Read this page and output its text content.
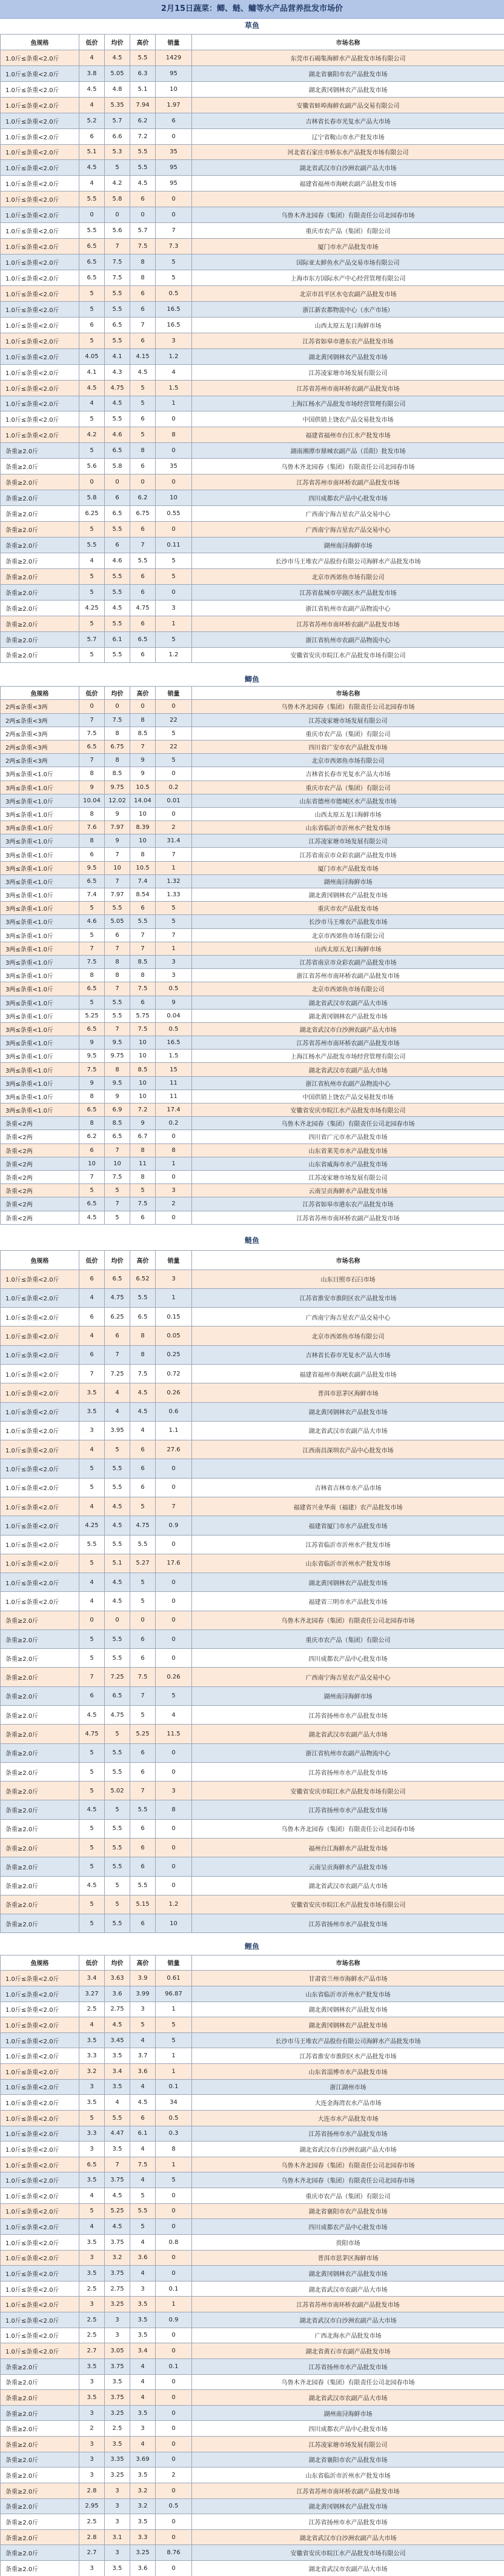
2月15日蔬菜：鲫、鲢、鳙等水产品营养批发市场价
草鱼
鱼规格	低价	均价	高价	销量	市场名称
1.0斤≤条重<2.0斤	4	4.5	5.5	1429	东莞市石碣集海鲜水产品批发市场有限公司
1.0斤≤条重<2.0斤	3.8	5.05	6.3	95	湖北省襄阳市农产品批发市场
1.0斤≤条重<2.0斤	4.5	4.8	5.1	10	湖北黄冈钢林农产品批发市场
1.0斤≤条重<2.0斤	4	5.35	7.94	1.97	安徽省蚌埠海鲜农副产品交易有限公司
1.0斤≤条重<2.0斤	5.2	5.7	6.2	6	吉林省长春市光复水产品大市场
1.0斤≤条重<2.0斤	6	6.6	7.2	0	辽宁省鞍山市水产批发市场
1.0斤≤条重<2.0斤	5.1	5.3	5.5	35	河北省石家庄市桥东水产品批发市场有限公司
1.0斤≤条重<2.0斤	4.5	5	5.5	95	湖北省武汉市白沙洲农副产品大市场
1.0斤≤条重<2.0斤	4	4.2	4.5	95	福建省福州市海峡农副产品批发市场
1.0斤≤条重<2.0斤	5.5	5.8	6	0	
1.0斤≤条重<2.0斤	0	0	0	0	乌鲁木齐北园春（集团）有限责任公司北园春市场
1.0斤≤条重<2.0斤	5.5	5.6	5.7	7	重庆市农产品（集团）有限公司
1.0斤≤条重<2.0斤	6.5	7	7.5	7.3	厦门市水产品批发市场
1.0斤≤条重<2.0斤	6.5	7.5	8	5	国际亚太鲜鱼水产品交易市场有限公司
1.0斤≤条重<2.0斤	6.5	7.5	8	5	上海市东方国际水产中心经营管理有限公司
1.0斤≤条重<2.0斤	5	5.5	6	0.5	北京市昌平区水屯农副产品批发市场
1.0斤≤条重<2.0斤	5	5.5	6	16.5	浙江新农都物流中心（水产市场）
1.0斤≤条重<2.0斤	6	6.5	7	16.5	山西太原五龙口海鲜市场
1.0斤≤条重<2.0斤	5	5.5	6	3	江苏省如皋市港东农产品批发市场
1.0斤≤条重<2.0斤	4.05	4.1	4.15	1.2	湖北黄冈钢林农产品批发市场
1.0斤≤条重<2.0斤	4.1	4.3	4.5	4	江苏凌家塘市场发展有限公司
1.0斤≤条重<2.0斤	4.5	4.75	5	1.5	江苏省苏州市南环桥农副产品批发市场
1.0斤≤条重<2.0斤	4	4.5	5	1	上海江杨水产品批发市场经营管理有限公司
1.0斤≤条重<2.0斤	5	5.5	6	0	中国供销上饶农产品交易批发市场
1.0斤≤条重<2.0斤	4.2	4.6	5	8	福建省福州市台江水产批发市场
条重≥2.0斤	5	6.5	8	0	湖南湘潭市鼎城农副产品（岳阳）批发市场
条重≥2.0斤	5.6	5.8	6	35	乌鲁木齐北园春（集团）有限责任公司北园春市场
条重≥2.0斤	0	0	0	0	江苏省苏州市南环桥农副产品批发市场
条重≥2.0斤	5.8	6	6.2	10	四川成都农产品中心批发市场
条重≥2.0斤	6.25	6.5	6.75	0.55	广西南宁海吉星农产品交易中心
条重≥2.0斤	5	5.5	6	0	广西南宁海吉星农产品交易中心
条重≥2.0斤	5.5	6	7	0.11	湖州南浔海鲜市场
条重≥2.0斤	4	4.6	5.5	5	长沙市马王堆农产品股份有限公司海鲜水产品批发市场
条重≥2.0斤	5	5.5	6	5	北京市西郊鱼市场有限公司
条重≥2.0斤	5	5.5	6	0	江苏省盐城市亭湖区水产品批发市场
条重≥2.0斤	4.25	4.5	4.75	3	浙江省杭州市农副产品物流中心
条重≥2.0斤	5	5.5	6	1	江苏省苏州市南环桥农副产品批发市场
条重≥2.0斤	5.7	6.1	6.5	5	浙江省杭州市农副产品物流中心
条重≥2.0斤	5	5.5	6	1.2	安徽省安庆市皖江水产品批发市场有限公司
鲫鱼
鱼规格	低价	均价	高价	销量	市场名称
2两≤条重<3两	0	0	0	0	乌鲁木齐北园春（集团）有限责任公司北园春市场
2两≤条重<3两	7	7.5	8	22	江苏凌家塘市场发展有限公司
2两≤条重<3两	7.5	8	8.5	5	重庆市农产品（集团）有限公司
2两≤条重<3两	6.5	6.75	7	22	四川省广安市农产品批发市场
2两≤条重<3两	7	8	9	5	北京市西郊鱼市场有限公司
3两≤条重<1.0斤	8	8.5	9	0	吉林省长春市光复水产品大市场
3两≤条重<1.0斤	9	9.75	10.5	0.2	重庆市农产品（集团）有限公司
3两≤条重<1.0斤	10.04	12.02	14.04	0.01	山东省德州市德城区水产品批发市场
3两≤条重<1.0斤	8	9	10	0	山西太原五龙口海鲜市场
3两≤条重<1.0斤	7.6	7.97	8.39	2	山东省临沂市沂州水产批发市场
3两≤条重<1.0斤	8	9	10	31.4	江苏凌家塘市场发展有限公司
3两≤条重<1.0斤	6	7	8	7	江苏省南京市众彩农副产品批发市场
3两≤条重<1.0斤	9.5	10	10.5	1	厦门市水产品批发市场
3两≤条重<1.0斤	6.5	7	7.4	1.32	湖州南浔海鲜市场
3两≤条重<1.0斤	7.4	7.97	8.54	1.33	湖北黄冈钢林农产品批发市场
3两≤条重<1.0斤	5	5.5	6	5	重庆市农产品批发市场
3两≤条重<1.0斤	4.6	5.05	5.5	5	长沙市马王堆农产品批发市场
3两≤条重<1.0斤	5	6	7	7	北京市西郊鱼市场有限公司
3两≤条重<1.0斤	7	7	7	1	山西太原五龙口海鲜市场
3两≤条重<1.0斤	7.5	8	8.5	3	江苏省南京市众彩农副产品批发市场
3两≤条重<1.0斤	8	8	8	3	浙江省苏州市南环桥农副产品批发市场
3两≤条重<1.0斤	6.5	7	7.5	0.5	北京市西郊鱼市场有限公司
3两≤条重<1.0斤	5	5.5	6	9	湖北省武汉市农副产品大市场
3两≤条重<1.0斤	5.25	5.5	5.75	0.04	湖北黄冈钢林农产品批发市场
3两≤条重<1.0斤	6.5	7	7.5	0.5	湖北省武汉市白沙洲农副产品大市场
3两≤条重<1.0斤	9	9.5	10	16.5	江苏省苏州市南环桥农副产品批发市场
3两≤条重<1.0斤	9.5	9.75	10	1.5	上海江杨水产品批发市场经营管理有限公司
3两≤条重<1.0斤	7.5	8	8.5	15	湖北省武汉市农副产品大市场
3两≤条重<1.0斤	9	9.5	10	11	浙江省杭州市农副产品物流中心
3两≤条重<1.0斤	8	9	10	11	中国供销上饶农产品交易批发市场
3两≤条重<1.0斤	6.5	6.9	7.2	17.4	安徽省安庆市皖江水产品批发市场有限公司
条重<2两	8	8.5	9	0.2	乌鲁木齐北园春（集团）有限责任公司北园春市场
条重<2两	6.2	6.5	6.7	0	四川省广元市水产品批发市场
条重<2两	6	7	8	8	山东省莱芜市水产品批发市场
条重<2两	10	10	11	1	山东省威海市水产品批发市场
条重<2两	7	7.5	8	0	江苏凌家塘市场发展有限公司
条重<2两	5	5	5	3	云南呈贡海鲜水产品批发市场
条重<2两	6.5	7	7.5	2	江苏省如皋市港东农产品批发市场
条重<2两	4.5	5	6	0	江苏省苏州市南环桥农副产品批发市场
鲢鱼
鱼规格	低价	均价	高价	销量	市场名称
1.0斤≤条重<2.0斤	6	6.5	6.52	3	山东日照市石臼市场
1.0斤≤条重<2.0斤	4	4.75	5.5	1	江苏省淮安市淮阴区农产品批发市场
1.0斤≤条重<2.0斤	6	6.25	6.5	0.15	广西南宁海吉星农产品交易中心
1.0斤≤条重<2.0斤	4	6	8	0.05	北京市西郊鱼市场有限公司
1.0斤≤条重<2.0斤	6	7	8	0.25	吉林省长春市光复水产品大市场
1.0斤≤条重<2.0斤	7	7.25	7.5	0.72	福建省福州市海峡农副产品批发市场
1.0斤≤条重<2.0斤	3.5	4	4.5	0.26	普洱市思茅区海鲜市场
1.0斤≤条重<2.0斤	3.5	4	4.5	0.6	湖北黄冈钢林农产品批发市场
1.0斤≤条重<2.0斤	3	3.95	4	1.1	湖北省武汉市农副产品大市场
1.0斤≤条重<2.0斤	4	5	6	27.6	江西南昌深圳农产品中心批发市场
1.0斤≤条重<2.0斤	5	5.5	6	0	
1.0斤≤条重<2.0斤	5	5.5	6	0	吉林省吉林市水产品市场
1.0斤≤条重<2.0斤	4	4.5	5	7	福建省兴业华南（福建）农产品批发市场
1.0斤≤条重<2.0斤	4.25	4.5	4.75	0.9	福建省厦门市水产品批发市场
1.0斤≤条重<2.0斤	5.5	5.5	5.5	0	江苏省临沂市沂州水产批发市场
1.0斤≤条重<2.0斤	5	5.1	5.27	17.6	山东省临沂市沂州水产批发市场
1.0斤≤条重<2.0斤	4	4.5	5	0	湖北黄冈钢林农产品批发市场
1.0斤≤条重<2.0斤	4	4.5	5	0	福建省三明市水产品批发市场
条重≥2.0斤	0	0	0	0	乌鲁木齐北园春（集团）有限责任公司北园春市场
条重≥2.0斤	5	5.5	6	0	重庆市农产品（集团）有限公司
条重≥2.0斤	5	5.5	6	0	四川成都农产品中心批发市场
条重≥2.0斤	7	7.25	7.5	0.26	广西南宁海吉星农产品交易中心
条重≥2.0斤	6	6.5	7	5	湖州南浔海鲜市场
条重≥2.0斤	4.5	4.75	5	4	江苏省扬州市水产品批发市场
条重≥2.0斤	4.75	5	5.25	11.5	湖北省武汉市农副产品大市场
条重≥2.0斤	5	5.5	6	0	浙江省杭州市农副产品物流中心
条重≥2.0斤	5	5.5	6	0	江苏省扬州市水产品批发市场
条重≥2.0斤	5	5.02	7	3	安徽省安庆市皖江水产品批发市场有限公司
条重≥2.0斤	4.5	5	5.5	8	江苏省扬州市水产品批发市场
条重≥2.0斤	5	5.5	6	0	乌鲁木齐北园春（集团）有限责任公司北园春市场
条重≥2.0斤	5	5.5	6	0	福州台江海鲜水产品批发市场
条重≥2.0斤	5	5.5	6	0	云南呈贡海鲜水产品批发市场
条重≥2.0斤	4.5	5	5.5	0	湖北省武汉市农副产品大市场
条重≥2.0斤	5	5	5.15	1.2	安徽省安庆市皖江水产品批发市场有限公司
条重≥2.0斤	5	5.5	6	10	江苏省扬州市水产品批发市场
鲤鱼
鱼规格	低价	均价	高价	销量	市场名称
1.0斤≤条重<2.0斤	3.4	3.63	3.9	0.61	甘肃省兰州市海鲜水产品市场
1.0斤≤条重<2.0斤	3.27	3.6	3.99	96.87	山东省临沂市沂州水产批发市场
1.0斤≤条重<2.0斤	2.5	2.75	3	1	湖北黄冈钢林农产品批发市场
1.0斤≤条重<2.0斤	4	4.5	5	5	湖北黄冈钢林农产品批发市场
1.0斤≤条重<2.0斤	3.5	3.45	4	5	长沙市马王堆农产品股份有限公司海鲜水产品批发市场
1.0斤≤条重<2.0斤	3.3	3.5	3.7	1	江苏省淮安市淮阴区水产品批发市场
1.0斤≤条重<2.0斤	3.2	3.4	3.6	1	山东省淄博市水产品批发市场
1.0斤≤条重<2.0斤	3	3.5	4	0.1	浙江湖州市场
1.0斤≤条重<2.0斤	3.5	4	4.5	34	大连金海湾农水产品市场
1.0斤≤条重<2.0斤	5	5.5	6	0.5	大连市水产品批发市场
1.0斤≤条重<2.0斤	3.3	4.47	6.1	0.3	江苏省扬州市水产品批发市场
1.0斤≤条重<2.0斤	3	3.5	4	8	湖北省武汉市白沙洲农副产品大市场
1.0斤≤条重<2.0斤	6.5	7	7.5	1	乌鲁木齐北园春（集团）有限责任公司北园春市场
1.0斤≤条重<2.0斤	3.5	3.75	4	5	乌鲁木齐北园春（集团）有限责任公司北园春市场
1.0斤≤条重<2.0斤	4	4.5	5	0	重庆市农产品（集团）有限公司
1.0斤≤条重<2.0斤	5	5.25	5.5	0	湖北省襄阳市农产品批发市场
1.0斤≤条重<2.0斤	4	4.5	5	0	四川成都农产品中心批发市场
1.0斤≤条重<2.0斤	3.5	3.75	4	0.8	贵阳市场
1.0斤≤条重<2.0斤	3	3.2	3.6	0	普洱市思茅区海鲜市场
1.0斤≤条重<2.0斤	3.5	3.75	4	0	湖北黄冈钢林农产品批发市场
1.0斤≤条重<2.0斤	2.5	2.75	3	0.1	湖北省武汉市农副产品大市场
1.0斤≤条重<2.0斤	3	3.25	3.5	1	江苏省苏州市南环桥农副产品批发市场
1.0斤≤条重<2.0斤	2.5	3	3.5	0.9	湖北省武汉市白沙洲农副产品大市场
1.0斤≤条重<2.0斤	2.5	3	3.5	0	广西北海水产品批发市场
1.0斤≤条重<2.0斤	2.7	3.05	3.4	0	湖北省黄石市农副产品批发市场
条重≥2.0斤	3.5	3.75	4	0.1	江苏省扬州市水产品批发市场
条重≥2.0斤	3	3.5	4	0	乌鲁木齐北园春（集团）有限责任公司北园春市场
条重≥2.0斤	3.5	3.75	4	0	湖北省武汉市农副产品大市场
条重≥2.0斤	3	3.25	3.5	0	湖州南浔海鲜市场
条重≥2.0斤	2	2.5	3	0	四川成都农产品中心批发市场
条重≥2.0斤	3	3.5	4	0	江苏凌家塘市场发展有限公司
条重≥2.0斤	3	3.35	3.69	0	湖北省襄阳市农产品批发市场
条重≥2.0斤	3	3.25	3.5	2	山东省临沂市沂州水产批发市场
条重≥2.0斤	2.8	3	3.2	0	江苏省苏州市南环桥农副产品批发市场
条重≥2.0斤	2.95	3	3.2	0.5	湖北黄冈钢林农产品批发市场
条重≥2.0斤	2.5	3	3.5	0	江苏省扬州市水产品批发市场
条重≥2.0斤	2.8	3.1	3.3	0	湖北省武汉市白沙洲农副产品大市场
条重≥2.0斤	2.7	3	3.25	8.76	安徽省安庆市皖江水产品批发市场有限公司
条重≥2.0斤	3	3.5	3.6	0	湖北省武汉市农副产品大市场
